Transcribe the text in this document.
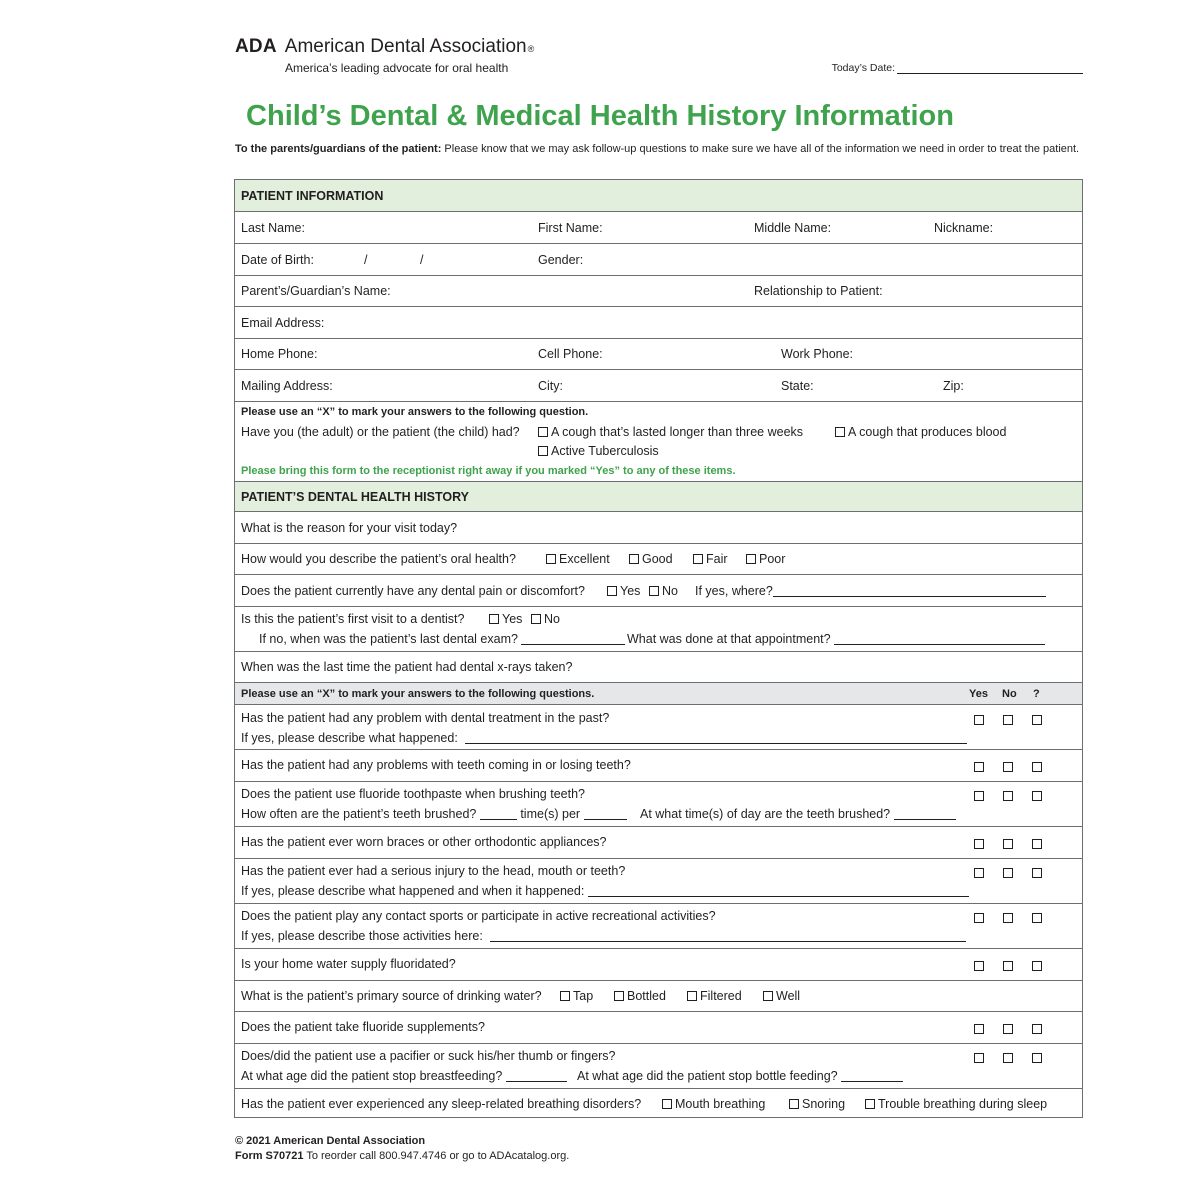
ADA American Dental Association ®
America’s leading advocate for oral health	Today’s Date:
Child’s Dental & Medical Health History Information
To the parents/guardians of the patient: Please know that we may ask follow-up questions to make sure we have all of the information we need in order to treat the patient.
PATIENT INFORMATION
Last Name:	First Name:	Middle Name:	Nickname:
Date of Birth:	/	/	Gender:
Parent’s/Guardian’s Name:	Relationship to Patient:
Email Address:
Home Phone:	Cell Phone:	Work Phone:
Mailing Address:	City:	State:	Zip:
Please use an “X” to mark your answers to the following question.
Have you (the adult) or the patient (the child) had?	A cough that’s lasted longer than three weeks	A cough that produces blood
Active Tuberculosis
Please bring this form to the receptionist right away if you marked “Yes” to any of these items.
PATIENT’S DENTAL HEALTH HISTORY
What is the reason for your visit today?
How would you describe the patient’s oral health?	Excellent	Good	Fair	Poor
Does the patient currently have any dental pain or discomfort?	Yes	No If yes, where?
Is this the patient’s first visit to a dentist?	Yes	No
If no, when was the patient’s last dental exam?	What was done at that appointment?
When was the last time the patient had dental x-rays taken?
Please use an “X” to mark your answers to the following questions.	Yes No ?
Has the patient had any problem with dental treatment in the past?
If yes, please describe what happened:
Has the patient had any problems with teeth coming in or losing teeth?
Does the patient use fluoride toothpaste when brushing teeth?
How often are the patient’s teeth brushed?	time(s) per	At what time(s) of day are the teeth brushed?
Has the patient ever worn braces or other orthodontic appliances?
Has the patient ever had a serious injury to the head, mouth or teeth?
If yes, please describe what happened and when it happened:
Does the patient play any contact sports or participate in active recreational activities?
If yes, please describe those activities here:
Is your home water supply fluoridated?
What is the patient’s primary source of drinking water?	Tap	Bottled	Filtered	Well
Does the patient take fluoride supplements?
Does/did the patient use a pacifier or suck his/her thumb or fingers?
At what age did the patient stop breastfeeding?	At what age did the patient stop bottle feeding?
Has the patient ever experienced any sleep-related breathing disorders?	Mouth breathing	Snoring	Trouble breathing during sleep
© 2021 American Dental Association
Form S70721 To reorder call 800.947.4746 or go to ADAcatalog.org.
